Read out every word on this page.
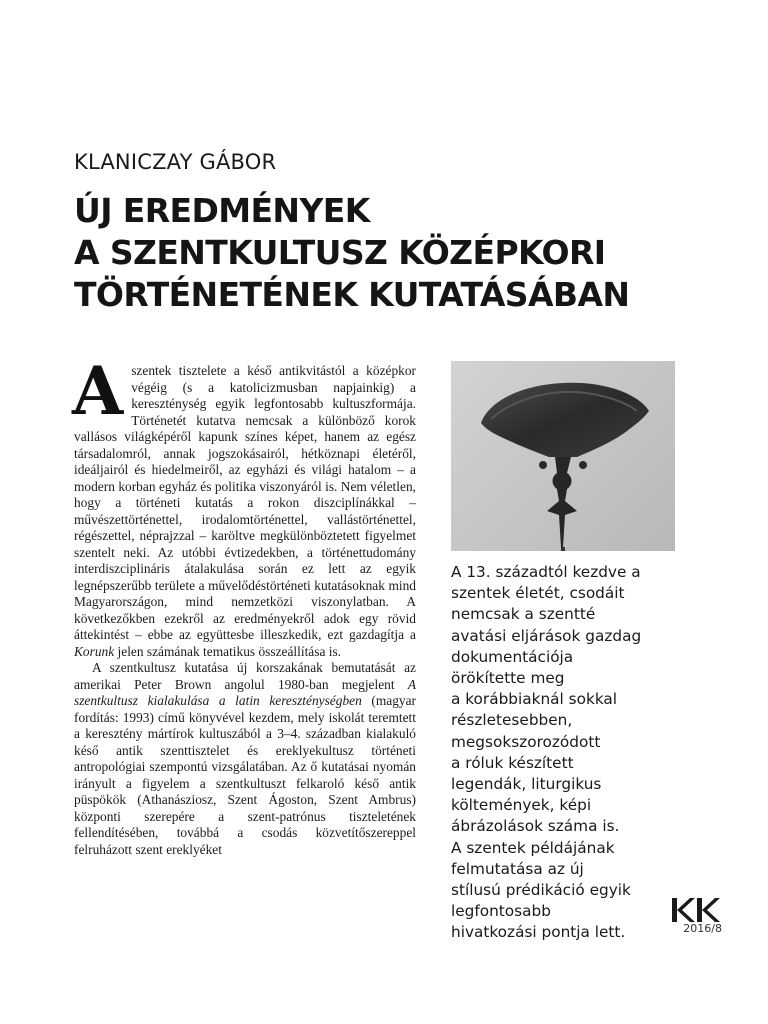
KLANICZAY GÁBOR
ÚJ EREDMÉNYEK
A SZENTKULTUSZ KÖZÉPKORI
TÖRTÉNETÉNEK KUTATÁSÁBAN

A szentek tisztelete a késő antikvitástól a középkor végéig (s a katolicizmusban napjainkig) a kereszténység egyik legfontosabb kultuszformája. Történetét kutatva nemcsak a különböző korok vallásos világképéről kapunk színes képet, hanem az egész társadalomról, annak jogszokásairól, hétköznapi életéről, ideáljairól és hiedelmeiről, az egyházi és világi hatalom – a modern korban egyház és politika viszonyáról is. Nem véletlen, hogy a történeti kutatás a rokon diszciplínákkal – művészettörténettel, irodalomtörténettel, vallástörténettel, régészettel, néprajzzal – karöltve megkülönböztetett figyelmet szentelt neki. Az utóbbi évtizedekben, a történettudomány interdiszciplináris átalakulása során ez lett az egyik legnépszerűbb területe a művelődéstörténeti kutatásoknak mind Magyarországon, mind nemzetközi viszonylatban. A következőkben ezekről az eredményekről adok egy rövid áttekintést – ebbe az együttesbe illeszkedik, ezt gazdagítja a Korunk jelen számának tematikus összeállítása is.

A szentkultusz kutatása új korszakának bemutatását az amerikai Peter Brown angolul 1980-ban megjelent A szentkultusz kialakulása a latin kereszténységben (magyar fordítás: 1993) című könyvével kezdem, mely iskolát teremtett a keresztény mártírok kultuszából a 3–4. században kialakuló késő antik szenttisztelet és ereklyekultusz történeti antropológiai szempontú vizsgálatában. Az ő kutatásai nyomán irányult a figyelem a szentkultuszt felkaroló késő antik püspökök (Athanásziosz, Szent Ágoston, Szent Ambrus) központi szerepére a szent-patrónus tiszteletének fellendítésében, továbbá a csodás közvetítőszereppel felruházott szent ereklyéket

A 13. századtól kezdve a
szentek életét, csodáit
nemcsak a szentté
avatási eljárások gazdag
dokumentációja
örökítette meg
a korábbiaknál sokkal
részletesebben,
megsokszorozódott
a róluk készített
legendák, liturgikus
költemények, képi
ábrázolások száma is.
A szentek példájának
felmutatása az új
stílusú prédikáció egyik
legfontosabb
hivatkozási pontja lett.	2016/8
